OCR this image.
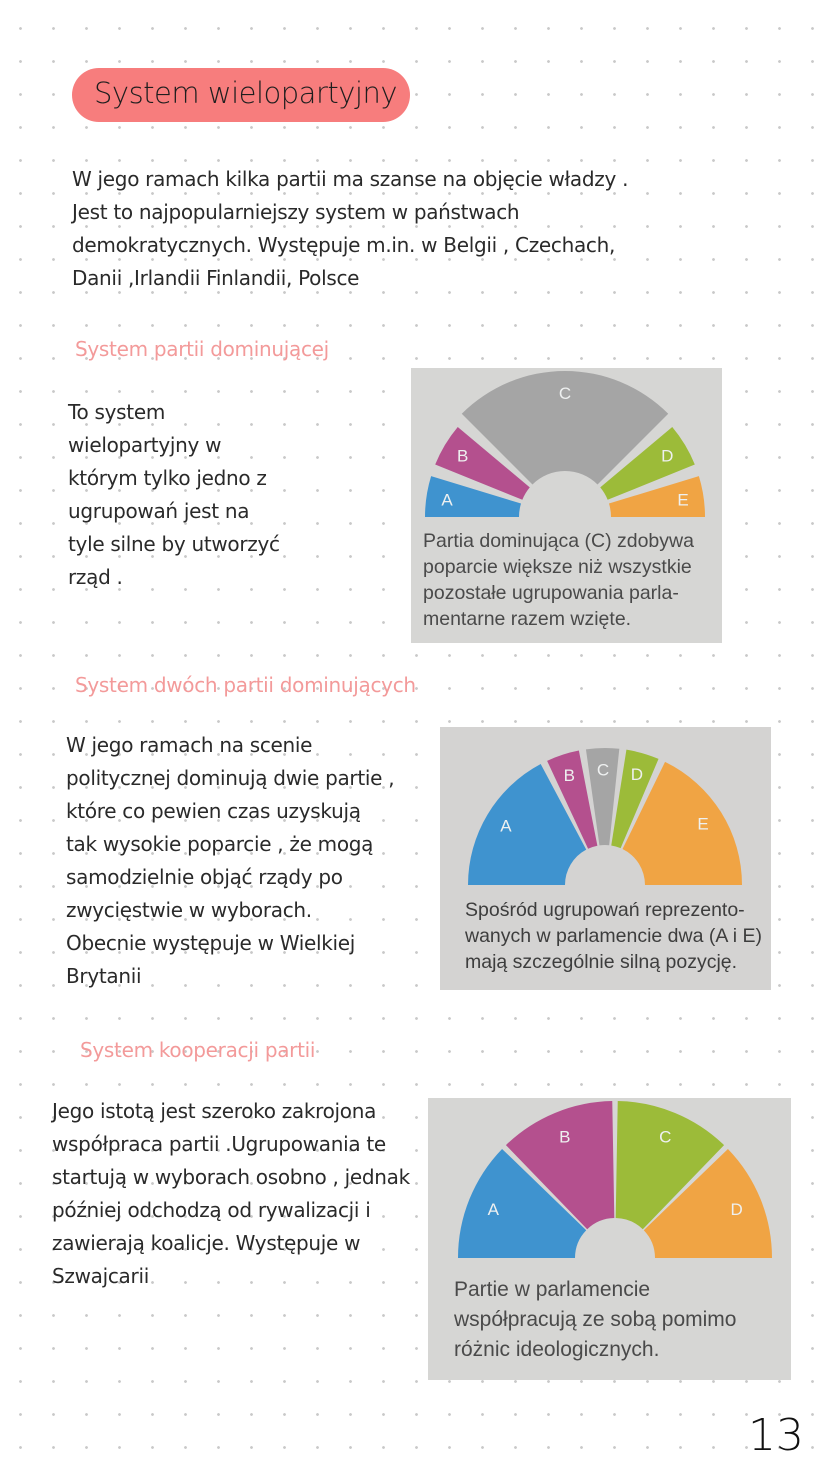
System wielopartyjny
W jego ramach kilka partii ma szanse na objęcie władzy .
Jest to najpopularniejszy system w państwach
demokratycznych. Występuje m.in. w Belgii , Czechach,
Danii ,Irlandii Finlandii, Polsce
System partii dominującej
To system
wielopartyjny w
którym tylko jedno z
ugrupowań jest na
tyle silne by utworzyć
rząd .
A
B
C
D
E
Partia dominująca (C) zdobywa
poparcie większe niż wszystkie
pozostałe ugrupowania parla-
mentarne razem wzięte.
System dwóch partii dominujących
W jego ramach na scenie
politycznej dominują dwie partie ,
które co pewien czas uzyskują
tak wysokie poparcie , że mogą
samodzielnie objąć rządy po
zwycięstwie w wyborach.
Obecnie występuje w Wielkiej
Brytanii
A
B C D
E
Spośród ugrupowań reprezento-
wanych w parlamencie dwa (A i E)
mają szczególnie silną pozycję.
System kooperacji partii
Jego istotą jest szeroko zakrojona
współpraca partii .Ugrupowania te
startują w wyborach osobno , jednak
później odchodzą od rywalizacji i
zawierają koalicje. Występuje w
Szwajcarii
A
B	C
D
Partie w parlamencie
współpracują ze sobą pomimo
różnic ideologicznych.
13
